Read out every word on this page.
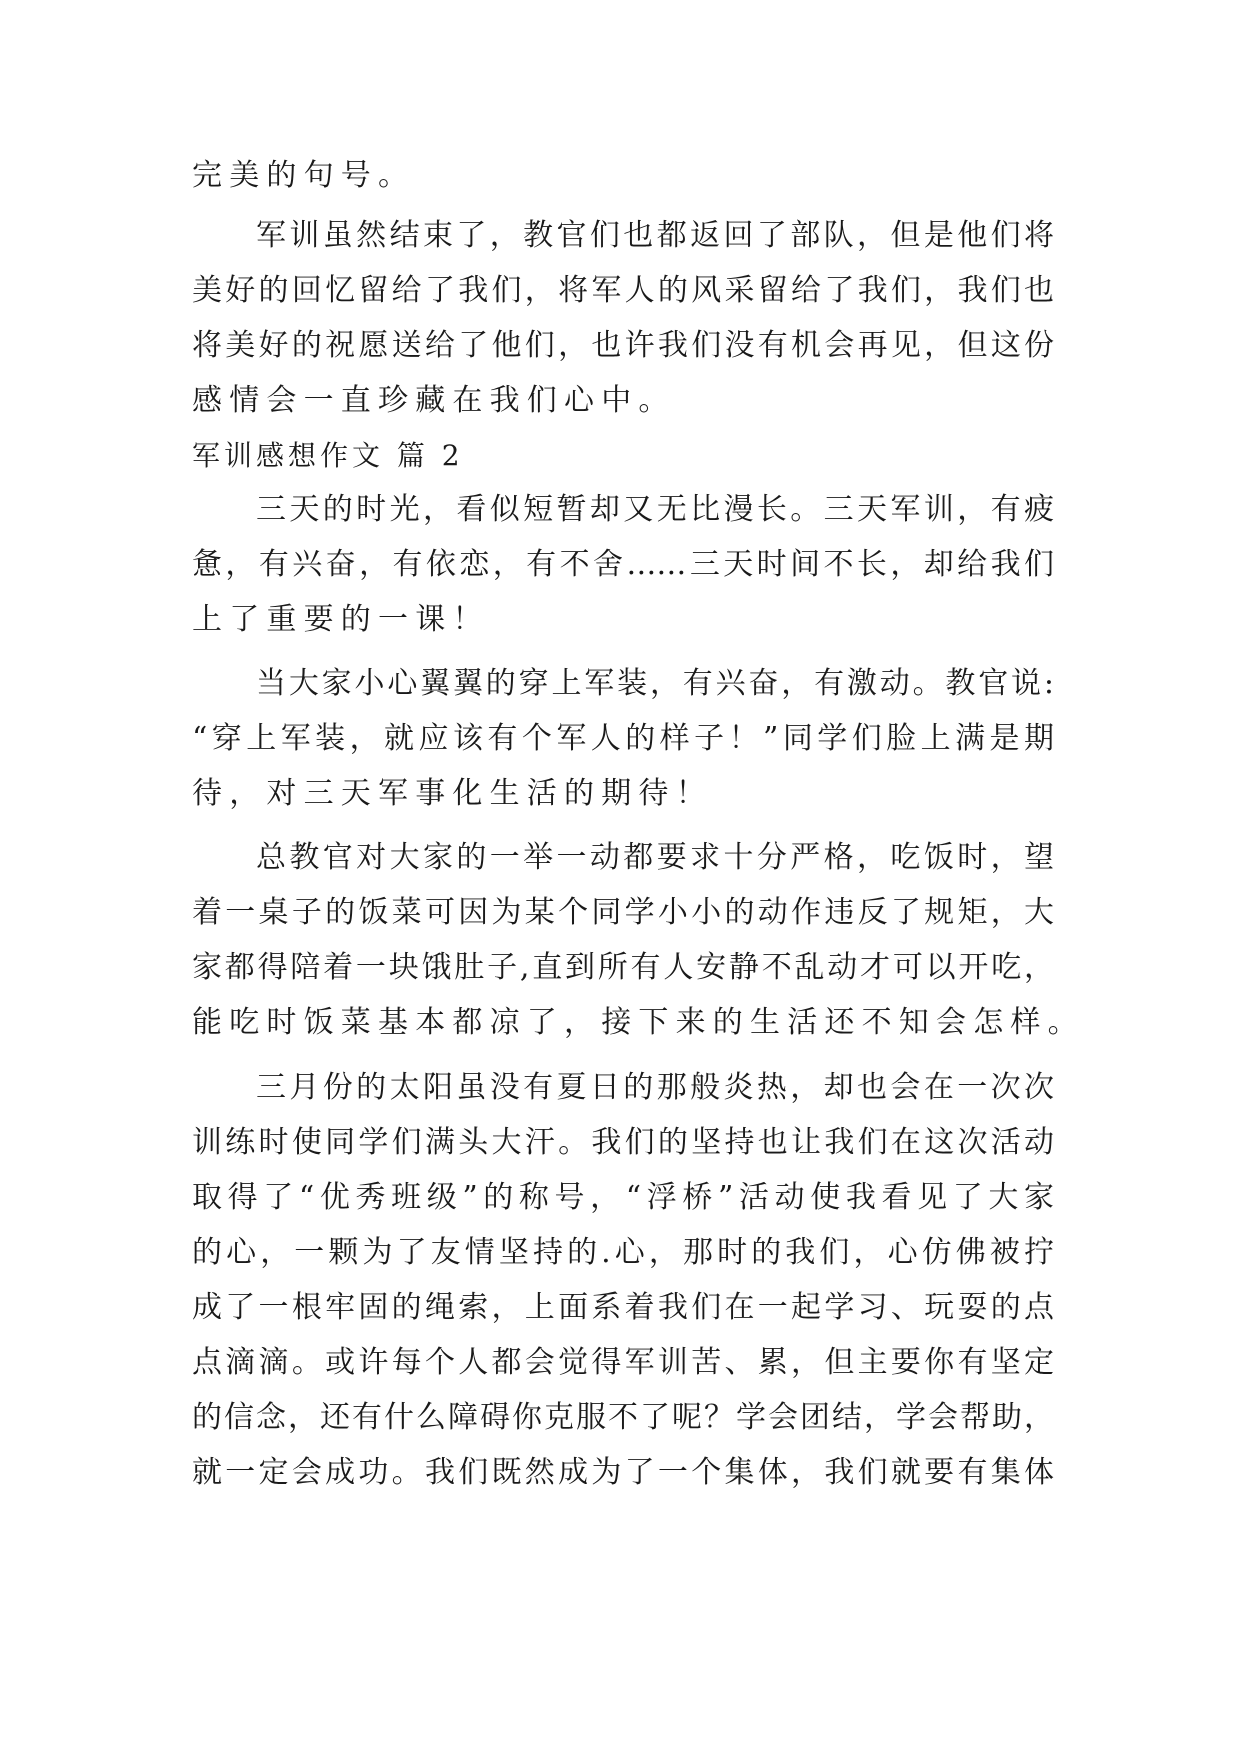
完美的句号。
军训虽然结束了，教官们也都返回了部队，但是他们将
美好的回忆留给了我们，将军人的风采留给了我们，我们也
将美好的祝愿送给了他们，也许我们没有机会再见，但这份
感情会一直珍藏在我们心中。
军训感想作文 篇 2
三天的时光，看似短暂却又无比漫长。三天军训，有疲
惫，有兴奋，有依恋，有不舍……三天时间不长，却给我们
上了重要的一课！
当大家小心翼翼的穿上军装，有兴奋，有激动。教官说:
“穿上军装，就应该有个军人的样子！”同学们脸上满是期
待，对三天军事化生活的期待！
总教官对大家的一举一动都要求十分严格，吃饭时，望
着一桌子的饭菜可因为某个同学小小的动作违反了规矩，大
家都得陪着一块饿肚子,直到所有人安静不乱动才可以开吃，
能吃时饭菜基本都凉了，接下来的生活还不知会怎样。
三月份的太阳虽没有夏日的那般炎热，却也会在一次次
训练时使同学们满头大汗。我们的坚持也让我们在这次活动
取得了“优秀班级”的称号，“浮桥”活动使我看见了大家
的心，一颗为了友情坚持的.心，那时的我们，心仿佛被拧
成了一根牢固的绳索，上面系着我们在一起学习、玩耍的点
点滴滴。或许每个人都会觉得军训苦、累，但主要你有坚定
的信念，还有什么障碍你克服不了呢？学会团结，学会帮助，
就一定会成功。我们既然成为了一个集体，我们就要有集体
